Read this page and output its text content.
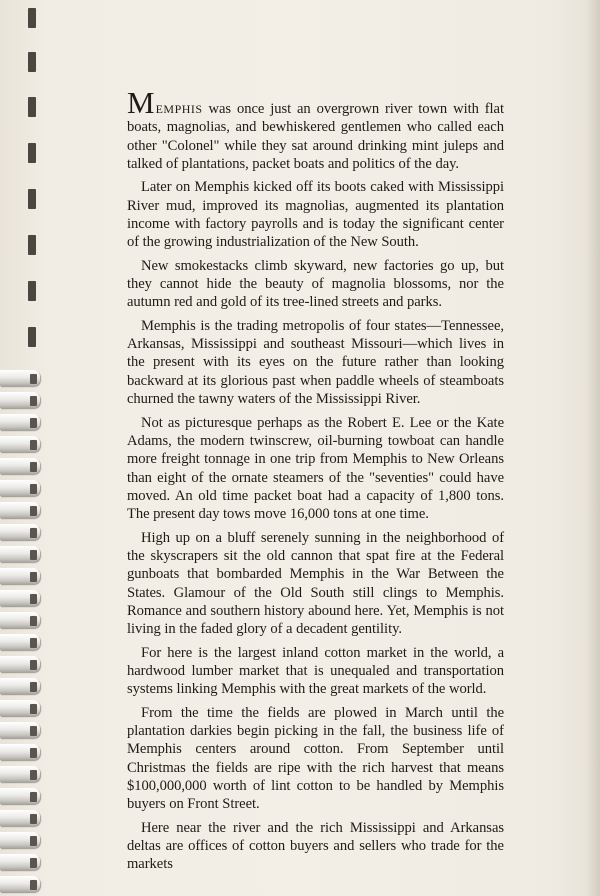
MEMPHIS was once just an overgrown river town with flat boats, magnolias, and bewhiskered gentlemen who called each other "Colonel" while they sat around drinking mint juleps and talked of plantations, packet boats and politics of the day.

Later on Memphis kicked off its boots caked with Mississippi River mud, improved its magnolias, augmented its plantation income with factory payrolls and is today the significant center of the growing industrialization of the New South.

New smokestacks climb skyward, new factories go up, but they cannot hide the beauty of magnolia blossoms, nor the autumn red and gold of its tree-lined streets and parks.

Memphis is the trading metropolis of four states—Tennessee, Arkansas, Mississippi and southeast Missouri—which lives in the present with its eyes on the future rather than looking backward at its glorious past when paddle wheels of steamboats churned the tawny waters of the Mississippi River.

Not as picturesque perhaps as the Robert E. Lee or the Kate Adams, the modern twinscrew, oil-burning towboat can handle more freight tonnage in one trip from Memphis to New Orleans than eight of the ornate steamers of the "seventies" could have moved. An old time packet boat had a capacity of 1,800 tons. The present day tows move 16,000 tons at one time.

High up on a bluff serenely sunning in the neighborhood of the skyscrapers sit the old cannon that spat fire at the Federal gunboats that bombarded Memphis in the War Between the States. Glamour of the Old South still clings to Memphis. Romance and southern history abound here. Yet, Memphis is not living in the faded glory of a decadent gentility.

For here is the largest inland cotton market in the world, a hardwood lumber market that is unequaled and transportation systems linking Memphis with the great markets of the world.

From the time the fields are plowed in March until the plantation darkies begin picking in the fall, the business life of Memphis centers around cotton. From September until Christmas the fields are ripe with the rich harvest that means $100,000,000 worth of lint cotton to be handled by Memphis buyers on Front Street.

Here near the river and the rich Mississippi and Arkansas deltas are offices of cotton buyers and sellers who trade for the markets
